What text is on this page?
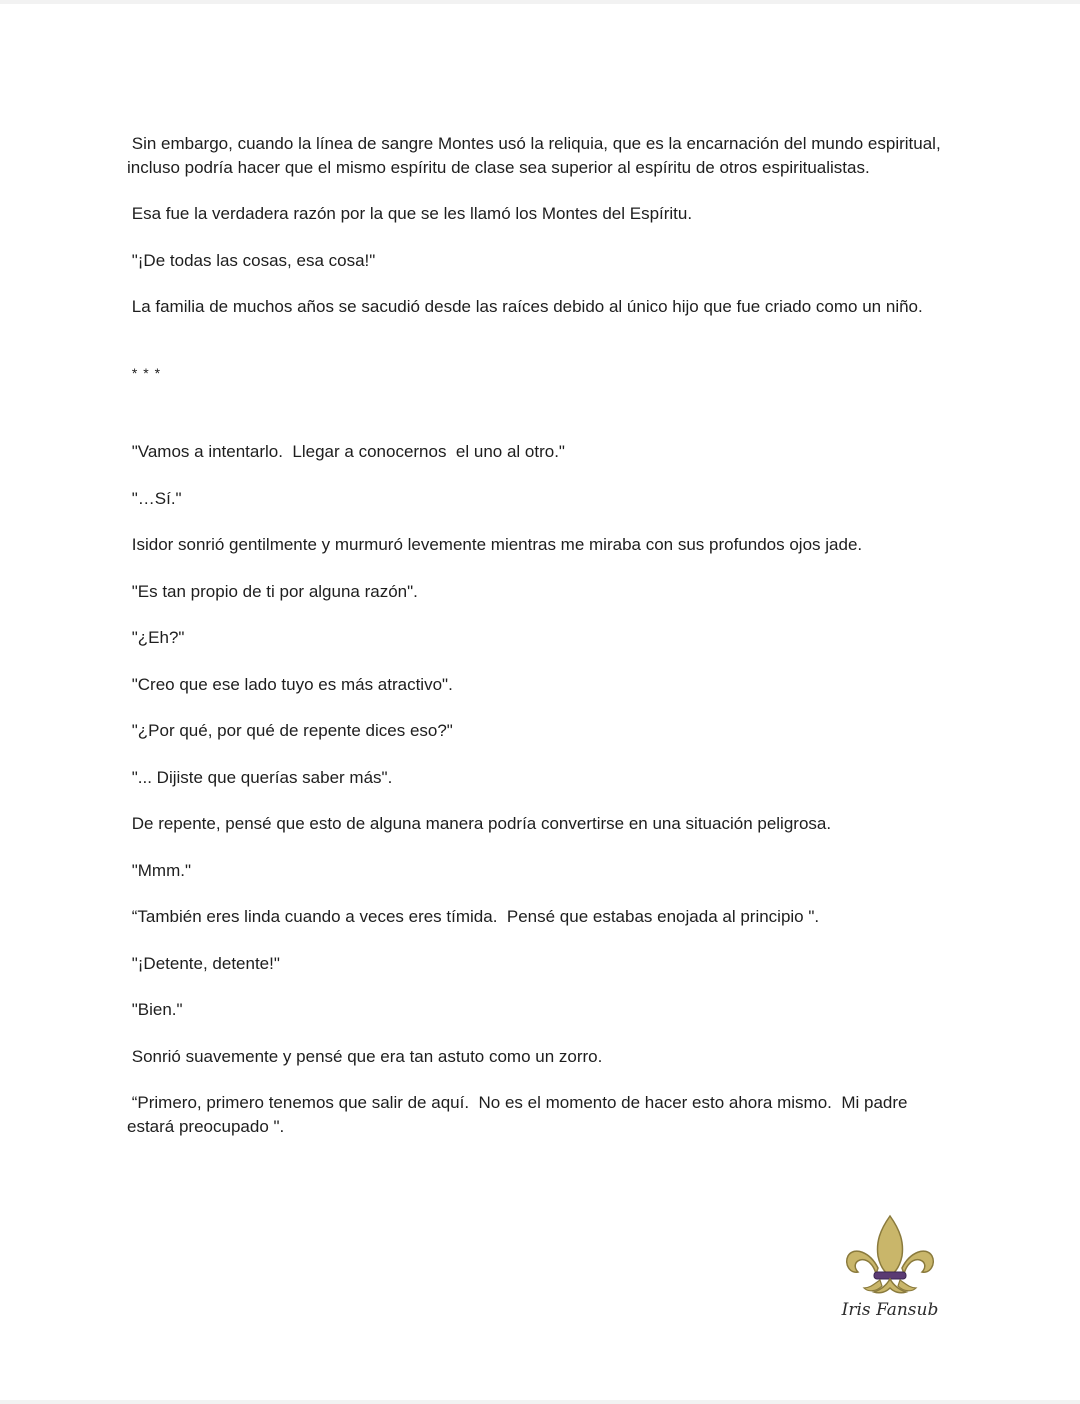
Sin embargo, cuando la línea de sangre Montes usó la reliquia, que es la encarnación del mundo espiritual, incluso podría hacer que el mismo espíritu de clase sea superior al espíritu de otros espiritualistas.

Esa fue la verdadera razón por la que se les llamó los Montes del Espíritu.

"¡De todas las cosas, esa cosa!"

La familia de muchos años se sacudió desde las raíces debido al único hijo que fue criado como un niño.

* * *

"Vamos a intentarlo.  Llegar a conocernos  el uno al otro."

"…Sí."

Isidor sonrió gentilmente y murmuró levemente mientras me miraba con sus profundos ojos jade.

"Es tan propio de ti por alguna razón".

"¿Eh?"

"Creo que ese lado tuyo es más atractivo".

"¿Por qué, por qué de repente dices eso?"

"... Dijiste que querías saber más".

De repente, pensé que esto de alguna manera podría convertirse en una situación peligrosa.

"Mmm."

“También eres linda cuando a veces eres tímida.  Pensé que estabas enojada al principio ".

"¡Detente, detente!"

"Bien."

Sonrió suavemente y pensé que era tan astuto como un zorro.

“Primero, primero tenemos que salir de aquí.  No es el momento de hacer esto ahora mismo.  Mi padre estará preocupado ".

Iris Fansub
